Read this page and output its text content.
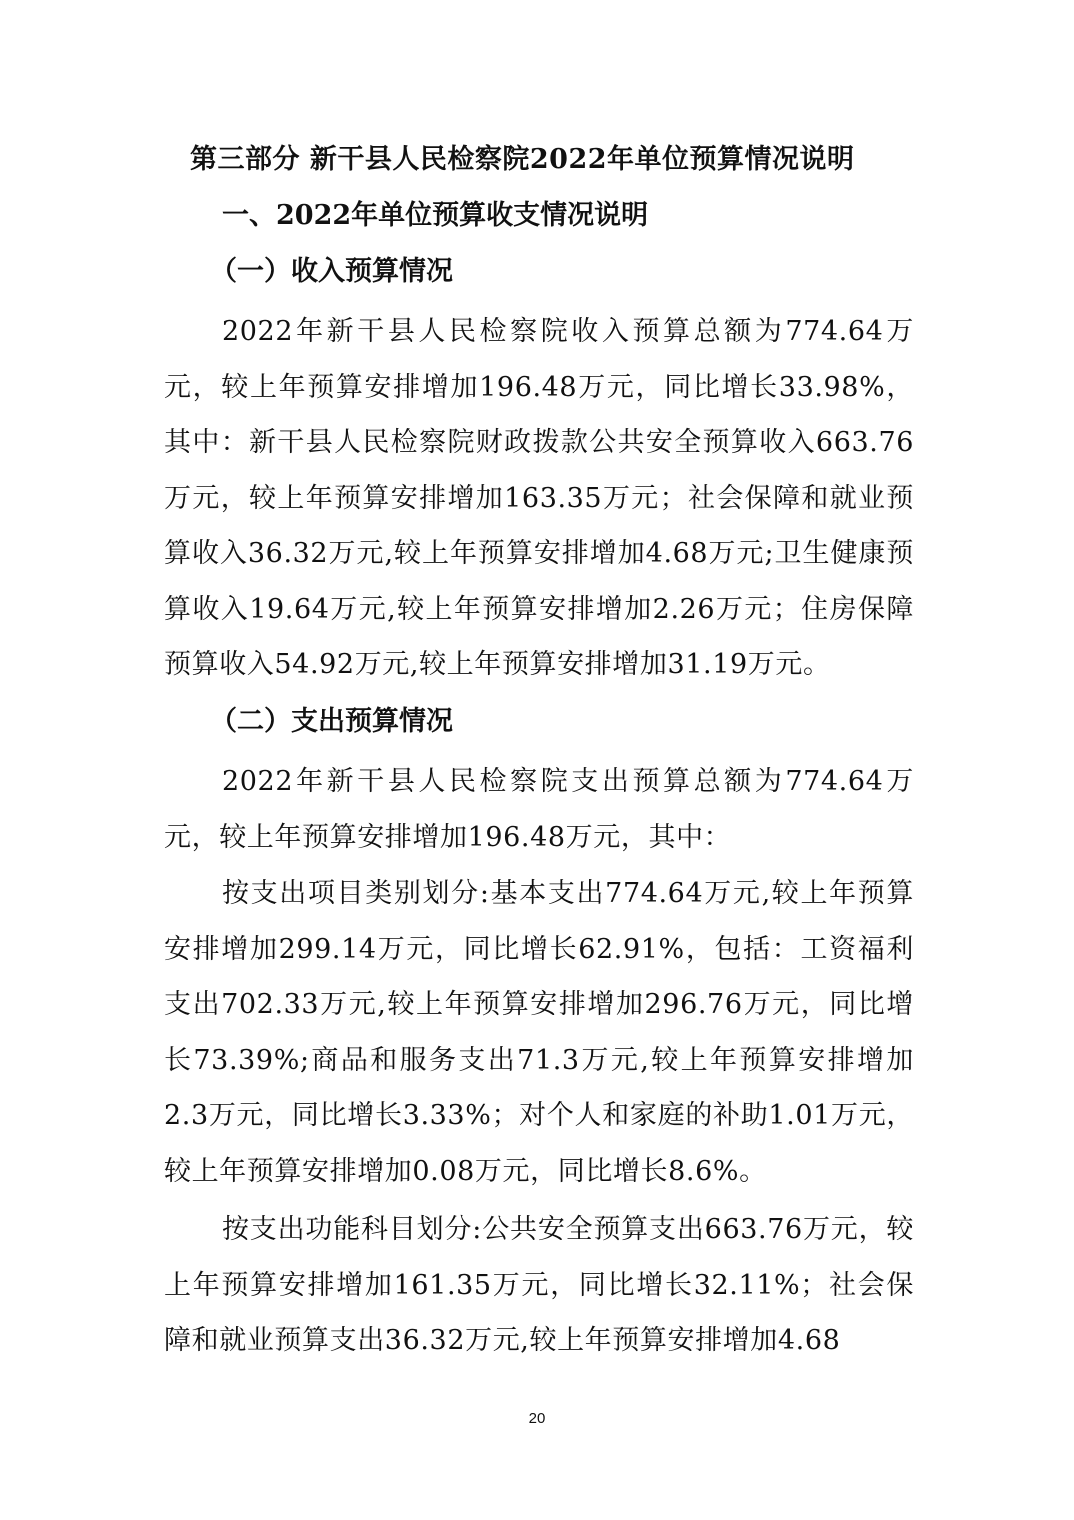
第三部分 新干县人民检察院2022年单位预算情况说明
一、2022年单位预算收支情况说明
（一）收入预算情况
2022年新干县人民检察院收入预算总额为774.64万元，较上年预算安排增加196.48万元，同比增长33.98%，其中：新干县人民检察院财政拨款公共安全预算收入663.76万元，较上年预算安排增加163.35万元；社会保障和就业预算收入36.32万元,较上年预算安排增加4.68万元;卫生健康预算收入19.64万元,较上年预算安排增加2.26万元；住房保障预算收入54.92万元,较上年预算安排增加31.19万元。
（二）支出预算情况
2022年新干县人民检察院支出预算总额为774.64万元，较上年预算安排增加196.48万元，其中：
按支出项目类别划分:基本支出774.64万元,较上年预算安排增加299.14万元，同比增长62.91%，包括：工资福利支出702.33万元,较上年预算安排增加296.76万元，同比增长73.39%;商品和服务支出71.3万元,较上年预算安排增加2.3万元，同比增长3.33%；对个人和家庭的补助1.01万元，较上年预算安排增加0.08万元，同比增长8.6%。
按支出功能科目划分:公共安全预算支出663.76万元，较上年预算安排增加161.35万元，同比增长32.11%；社会保障和就业预算支出36.32万元,较上年预算安排增加4.68
20
